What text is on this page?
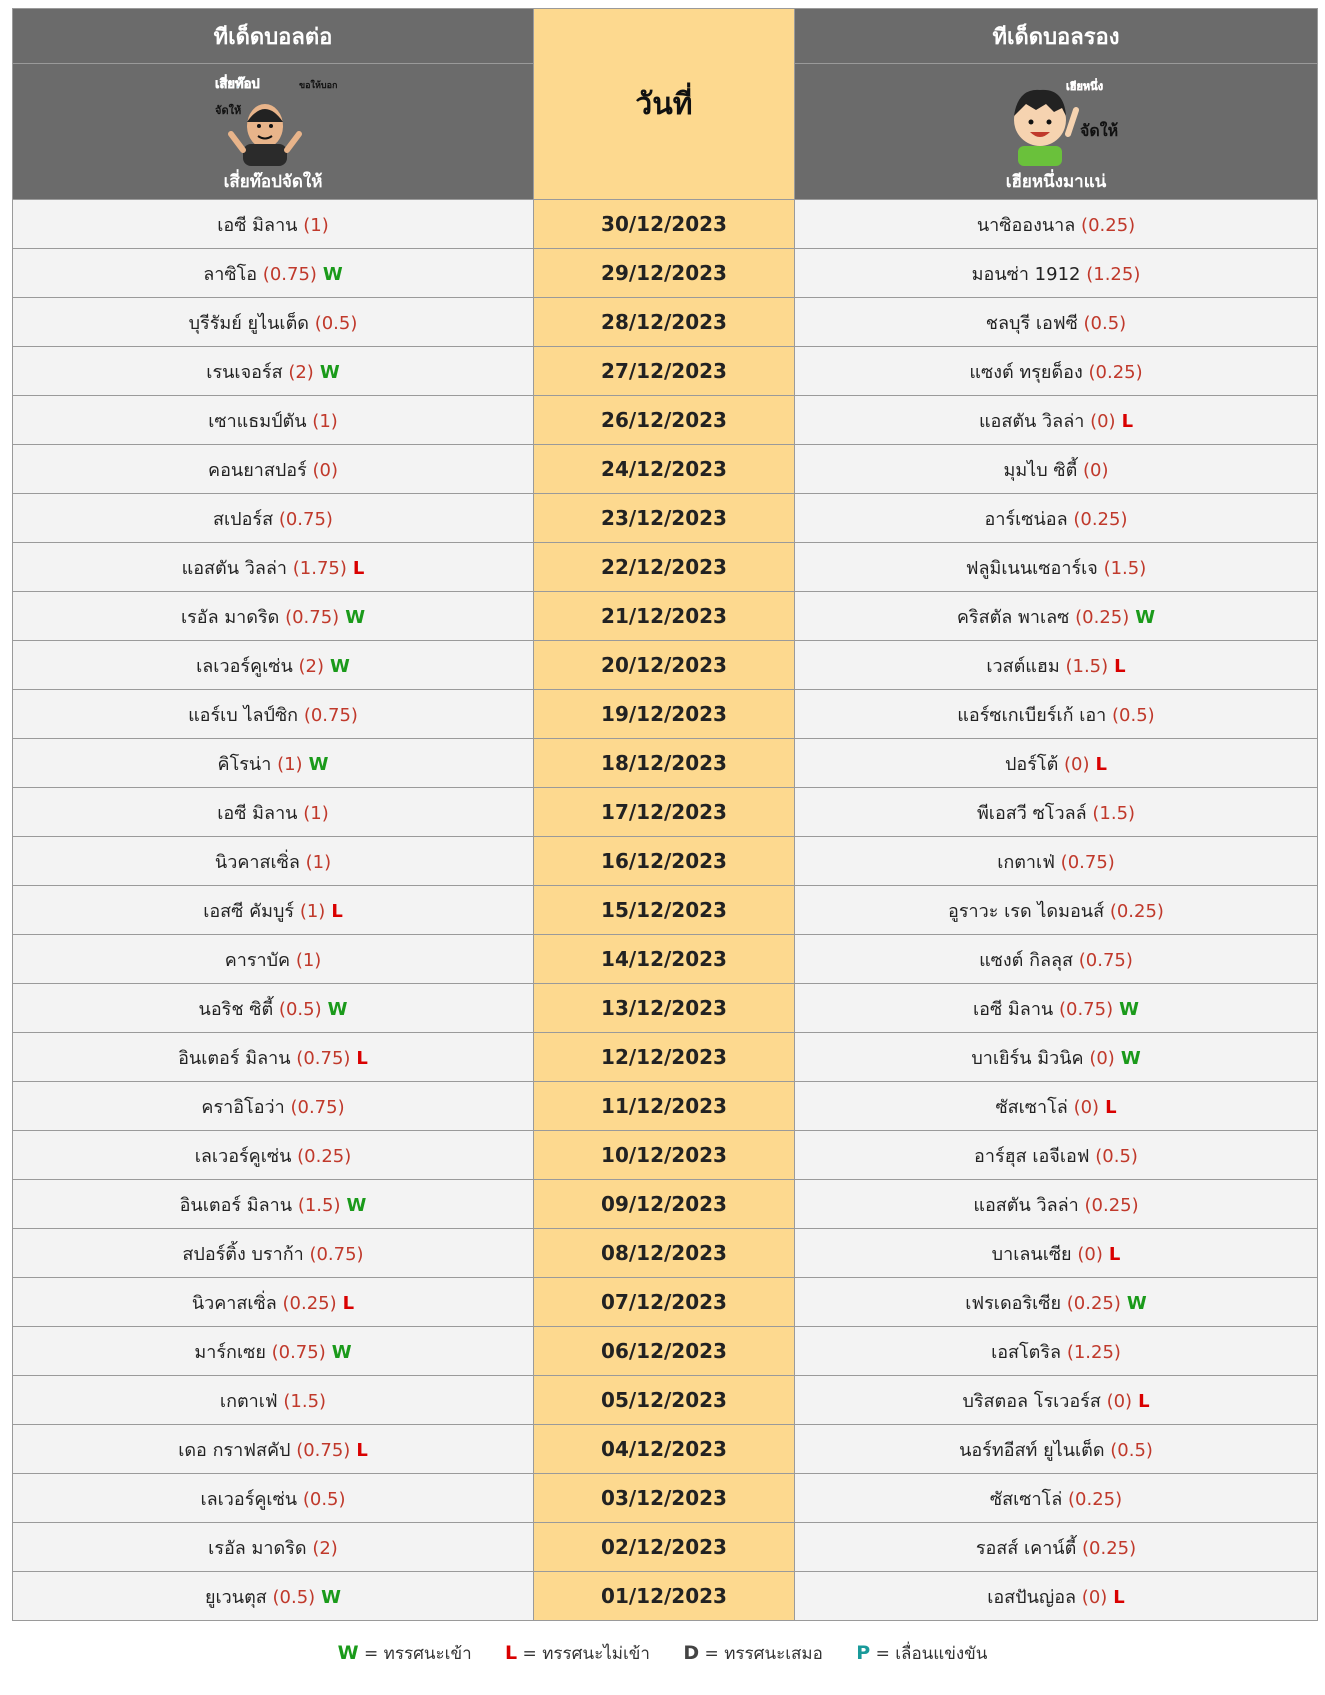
ทีเด็ดบอลต่อ	วันที่	ทีเด็ดบอลรอง

เสี่ยท๊อป ขอให้บอก
จัดให้
เสี่ยท๊อปจัดให้		เฮียหนึ่ง
จัดให้
เฮียหนึ่งมาแน่

เอซี มิลาน (1)	30/12/2023	นาซิอองนาล (0.25)
ลาซิโอ (0.75) W	29/12/2023	มอนซ่า 1912 (1.25)
บุรีรัมย์ ยูไนเต็ด (0.5)	28/12/2023	ชลบุรี เอฟซี (0.5)
เรนเจอร์ส (2) W	27/12/2023	แซงต์ ทรุยด็อง (0.25)
เซาแธมป์ตัน (1)	26/12/2023	แอสตัน วิลล่า (0) L
คอนยาสปอร์ (0)	24/12/2023	มุมไบ ซิตี้ (0)
สเปอร์ส (0.75)	23/12/2023	อาร์เซน่อล (0.25)
แอสตัน วิลล่า (1.75) L	22/12/2023	ฟลูมิเนนเซอาร์เจ (1.5)
เรอัล มาดริด (0.75) W	21/12/2023	คริสตัล พาเลซ (0.25) W
เลเวอร์คูเซ่น (2) W	20/12/2023	เวสต์แฮม (1.5) L
แอร์เบ ไลป์ซิก (0.75)	19/12/2023	แอร์ซเกเบียร์เก้ เอา (0.5)
คิโรน่า (1) W	18/12/2023	ปอร์โต้ (0) L
เอซี มิลาน (1)	17/12/2023	พีเอสวี ซโวลล์ (1.5)
นิวคาสเซิ่ล (1)	16/12/2023	เกตาเฟ่ (0.75)
เอสซี คัมบูร์ (1) L	15/12/2023	อูราวะ เรด ไดมอนส์ (0.25)
คาราบัค (1)	14/12/2023	แซงต์ กิลลุส (0.75)
นอริช ซิตี้ (0.5) W	13/12/2023	เอซี มิลาน (0.75) W
อินเตอร์ มิลาน (0.75) L	12/12/2023	บาเยิร์น มิวนิค (0) W
คราอิโอว่า (0.75)	11/12/2023	ซัสเซาโล่ (0) L
เลเวอร์คูเซ่น (0.25)	10/12/2023	อาร์ฮุส เอจีเอฟ (0.5)
อินเตอร์ มิลาน (1.5) W	09/12/2023	แอสตัน วิลล่า (0.25)
สปอร์ติ้ง บราก้า (0.75)	08/12/2023	บาเลนเซีย (0) L
นิวคาสเซิ่ล (0.25) L	07/12/2023	เฟรเดอริเซีย (0.25) W
มาร์กเซย (0.75) W	06/12/2023	เอสโตริล (1.25)
เกตาเฟ่ (1.5)	05/12/2023	บริสตอล โรเวอร์ส (0) L
เดอ กราฟสคัป (0.75) L	04/12/2023	นอร์ทอีสท์ ยูไนเต็ด (0.5)
เลเวอร์คูเซ่น (0.5)	03/12/2023	ซัสเซาโล่ (0.25)
เรอัล มาดริด (2)	02/12/2023	รอสส์ เคาน์ตี้ (0.25)
ยูเวนตุส (0.5) W	01/12/2023	เอสปันญ่อล (0) L
W = ทรรศนะเข้า L = ทรรศนะไม่เข้า D = ทรรศนะเสมอ P = เลื่อนแข่งขัน
